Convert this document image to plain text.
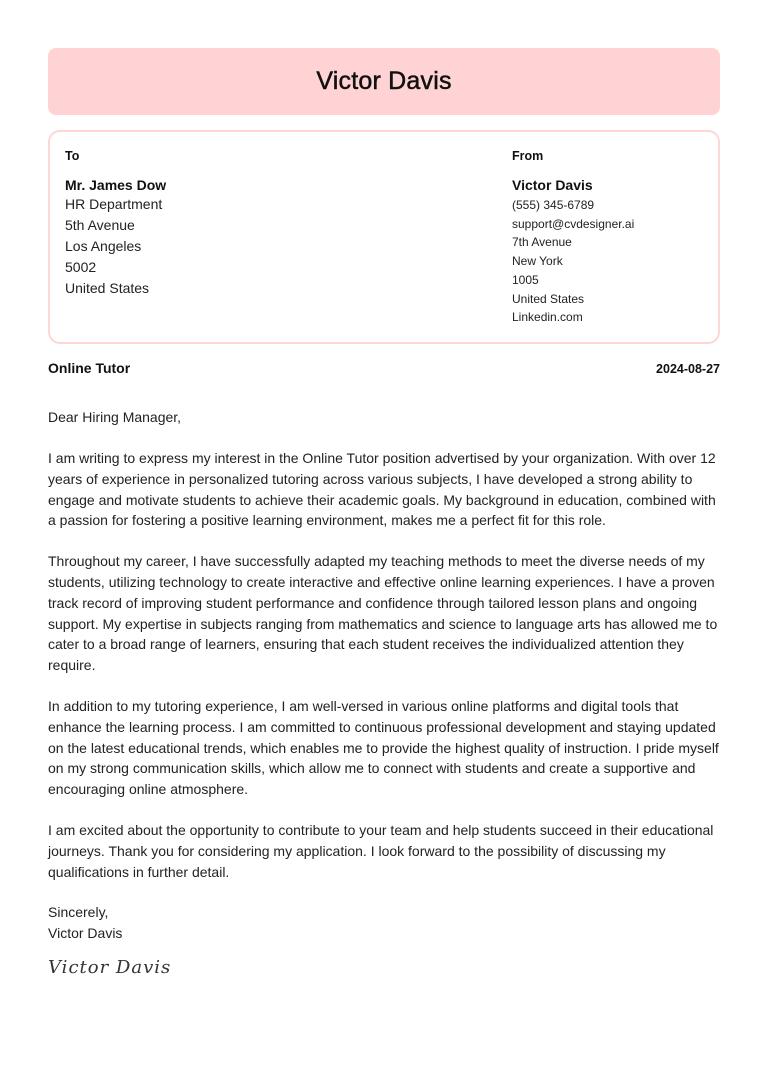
Victor Davis
To
Mr. James Dow
HR Department
5th Avenue
Los Angeles
5002
United States
From
Victor Davis
(555) 345-6789
support@cvdesigner.ai
7th Avenue
New York
1005
United States
Linkedin.com
Online Tutor	2024-08-27
Dear Hiring Manager,

I am writing to express my interest in the Online Tutor position advertised by your organization. With over 12 years of experience in personalized tutoring across various subjects, I have developed a strong ability to engage and motivate students to achieve their academic goals. My background in education, combined with a passion for fostering a positive learning environment, makes me a perfect fit for this role.

Throughout my career, I have successfully adapted my teaching methods to meet the diverse needs of my students, utilizing technology to create interactive and effective online learning experiences. I have a proven track record of improving student performance and confidence through tailored lesson plans and ongoing support. My expertise in subjects ranging from mathematics and science to language arts has allowed me to cater to a broad range of learners, ensuring that each student receives the individualized attention they require.

In addition to my tutoring experience, I am well-versed in various online platforms and digital tools that enhance the learning process. I am committed to continuous professional development and staying updated on the latest educational trends, which enables me to provide the highest quality of instruction. I pride myself on my strong communication skills, which allow me to connect with students and create a supportive and encouraging online atmosphere.

I am excited about the opportunity to contribute to your team and help students succeed in their educational journeys. Thank you for considering my application. I look forward to the possibility of discussing my qualifications in further detail.

Sincerely,
Victor Davis
Victor Davis
